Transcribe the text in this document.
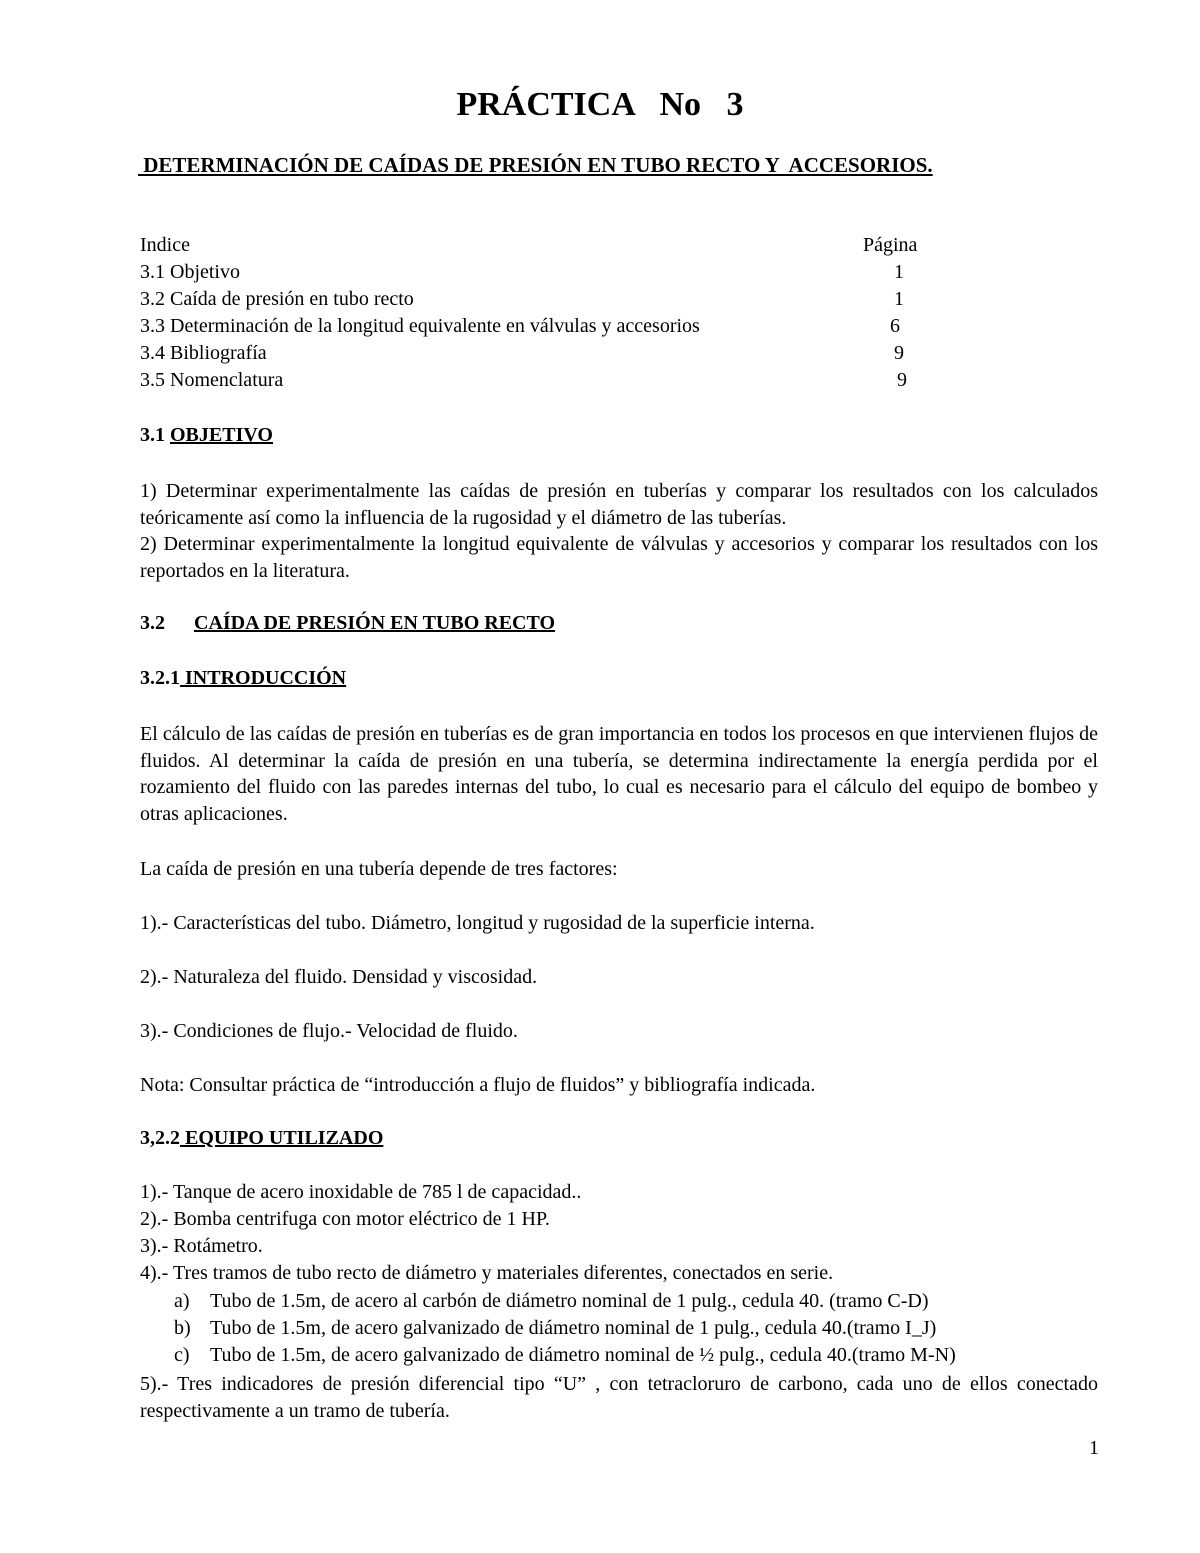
PRÁCTICA   No   3
DETERMINACIÓN DE CAÍDAS DE PRESIÓN EN TUBO RECTO Y  ACCESORIOS.
Indice	Página
3.1 Objetivo	1
3.2 Caída de presión en tubo recto	1
3.3 Determinación de la longitud equivalente en válvulas y accesorios	6
3.4 Bibliografía	9
3.5 Nomenclatura	9
3.1 OBJETIVO
1) Determinar experimentalmente las caídas de presión en tuberías y comparar los resultados con los calculados teóricamente así como la influencia de la rugosidad y el diámetro de las tuberías.
2) Determinar experimentalmente la longitud equivalente de válvulas y accesorios y comparar los resultados con los reportados en la literatura.
3.2 CAÍDA DE PRESIÓN EN TUBO RECTO
3.2.1 INTRODUCCIÓN
El cálculo de las caídas de presión en tuberías es de gran importancia en todos los procesos en que intervienen flujos de fluidos. Al determinar la caída de presión en una tubería, se determina indirectamente la energía perdida por el rozamiento del fluido con las paredes internas del tubo, lo cual es necesario para el cálculo del equipo de bombeo y otras aplicaciones.
La caída de presión en una tubería depende de tres factores:
1).- Características del tubo. Diámetro, longitud y rugosidad de la superficie interna.
2).- Naturaleza del fluido. Densidad y viscosidad.
3).- Condiciones de flujo.- Velocidad de fluido.
Nota: Consultar práctica de “introducción a flujo de fluidos” y bibliografía indicada.
3,2.2 EQUIPO UTILIZADO
1).- Tanque de acero inoxidable de 785 l de capacidad..
2).- Bomba centrifuga con motor eléctrico de 1 HP.
3).- Rotámetro.
4).- Tres tramos de tubo recto de diámetro y materiales diferentes, conectados en serie.
a) Tubo de 1.5m, de acero al carbón de diámetro nominal de 1 pulg., cedula 40. (tramo C-D)
b) Tubo de 1.5m, de acero galvanizado de diámetro nominal de 1 pulg., cedula 40.(tramo I_J)
c) Tubo de 1.5m, de acero galvanizado de diámetro nominal de ½ pulg., cedula 40.(tramo M-N)
5).- Tres indicadores de presión diferencial tipo “U” , con tetracloruro de carbono, cada uno de ellos conectado respectivamente a un tramo de tubería.
1
